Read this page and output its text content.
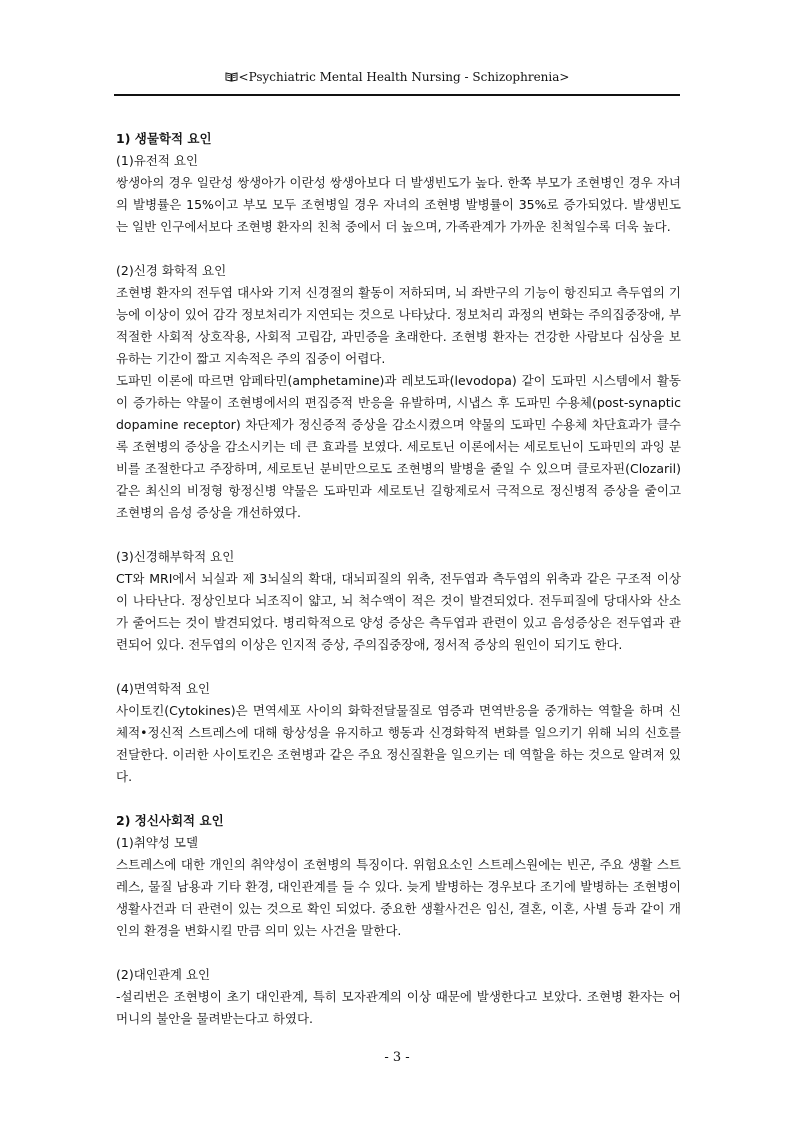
<Psychiatric Mental Health Nursing - Schizophrenia>

1) 생물학적 요인

(1)유전적 요인

쌍생아의 경우 일란성 쌍생아가 이란성 쌍생아보다 더 발생빈도가 높다. 한쪽 부모가 조현병인 경우 자녀의 발병률은 15%이고 부모 모두 조현병일 경우 자녀의 조현병 발병률이 35%로 증가되었다. 발생빈도는 일반 인구에서보다 조현병 환자의 친척 중에서 더 높으며, 가족관계가 가까운 친척일수록 더욱 높다.

(2)신경 화학적 요인

조현병 환자의 전두엽 대사와 기저 신경절의 활동이 저하되며, 뇌 좌반구의 기능이 항진되고 측두엽의 기능에 이상이 있어 감각 정보처리가 지연되는 것으로 나타났다. 정보처리 과정의 변화는 주의집중장애, 부적절한 사회적 상호작용, 사회적 고립감, 과민증을 초래한다. 조현병 환자는 건강한 사람보다 심상을 보유하는 기간이 짧고 지속적은 주의 집중이 어렵다.

도파민 이론에 따르면 암페타민(amphetamine)과 레보도파(levodopa) 같이 도파민 시스템에서 활동이 증가하는 약물이 조현병에서의 편집증적 반응을 유발하며, 시냅스 후 도파민 수용체(post-synaptic dopamine receptor) 차단제가 정신증적 증상을 감소시켰으며 약물의 도파민 수용체 차단효과가 클수록 조현병의 증상을 감소시키는 데 큰 효과를 보였다. 세로토닌 이론에서는 세로토닌이 도파민의 과잉 분비를 조절한다고 주장하며, 세로토닌 분비만으로도 조현병의 발병을 줄일 수 있으며 클로자핀(Clozaril) 같은 최신의 비정형 항정신병 약물은 도파민과 세로토닌 길항제로서 극적으로 정신병적 증상을 줄이고 조현병의 음성 증상을 개선하였다.

(3)신경해부학적 요인

CT와 MRI에서 뇌실과 제 3뇌실의 확대, 대뇌피질의 위축, 전두엽과 측두엽의 위축과 같은 구조적 이상이 나타난다. 정상인보다 뇌조직이 얇고, 뇌 척수액이 적은 것이 발견되었다. 전두피질에 당대사와 산소가 줄어드는 것이 발견되었다. 병리학적으로 양성 증상은 측두엽과 관련이 있고 음성증상은 전두엽과 관련되어 있다. 전두엽의 이상은 인지적 증상, 주의집중장애, 정서적 증상의 원인이 되기도 한다.

(4)면역학적 요인

사이토킨(Cytokines)은 면역세포 사이의 화학전달물질로 염증과 면역반응을 중개하는 역할을 하며 신체적•정신적 스트레스에 대해 항상성을 유지하고 행동과 신경화학적 변화를 일으키기 위해 뇌의 신호를 전달한다. 이러한 사이토킨은 조현병과 같은 주요 정신질환을 일으키는 데 역할을 하는 것으로 알려져 있다.

2) 정신사회적 요인

(1)취약성 모델

스트레스에 대한 개인의 취약성이 조현병의 특징이다. 위험요소인 스트레스원에는 빈곤, 주요 생활 스트레스, 물질 남용과 기타 환경, 대인관계를 들 수 있다. 늦게 발병하는 경우보다 조기에 발병하는 조현병이 생활사건과 더 관련이 있는 것으로 확인 되었다. 중요한 생활사건은 임신, 결혼, 이혼, 사별 등과 같이 개인의 환경을 변화시킬 만큼 의미 있는 사건을 말한다.

(2)대인관계 요인

-설리번은 조현병이 초기 대인관계, 특히 모자관계의 이상 때문에 발생한다고 보았다. 조현병 환자는 어머니의 불안을 물려받는다고 하였다.

- 3 -
